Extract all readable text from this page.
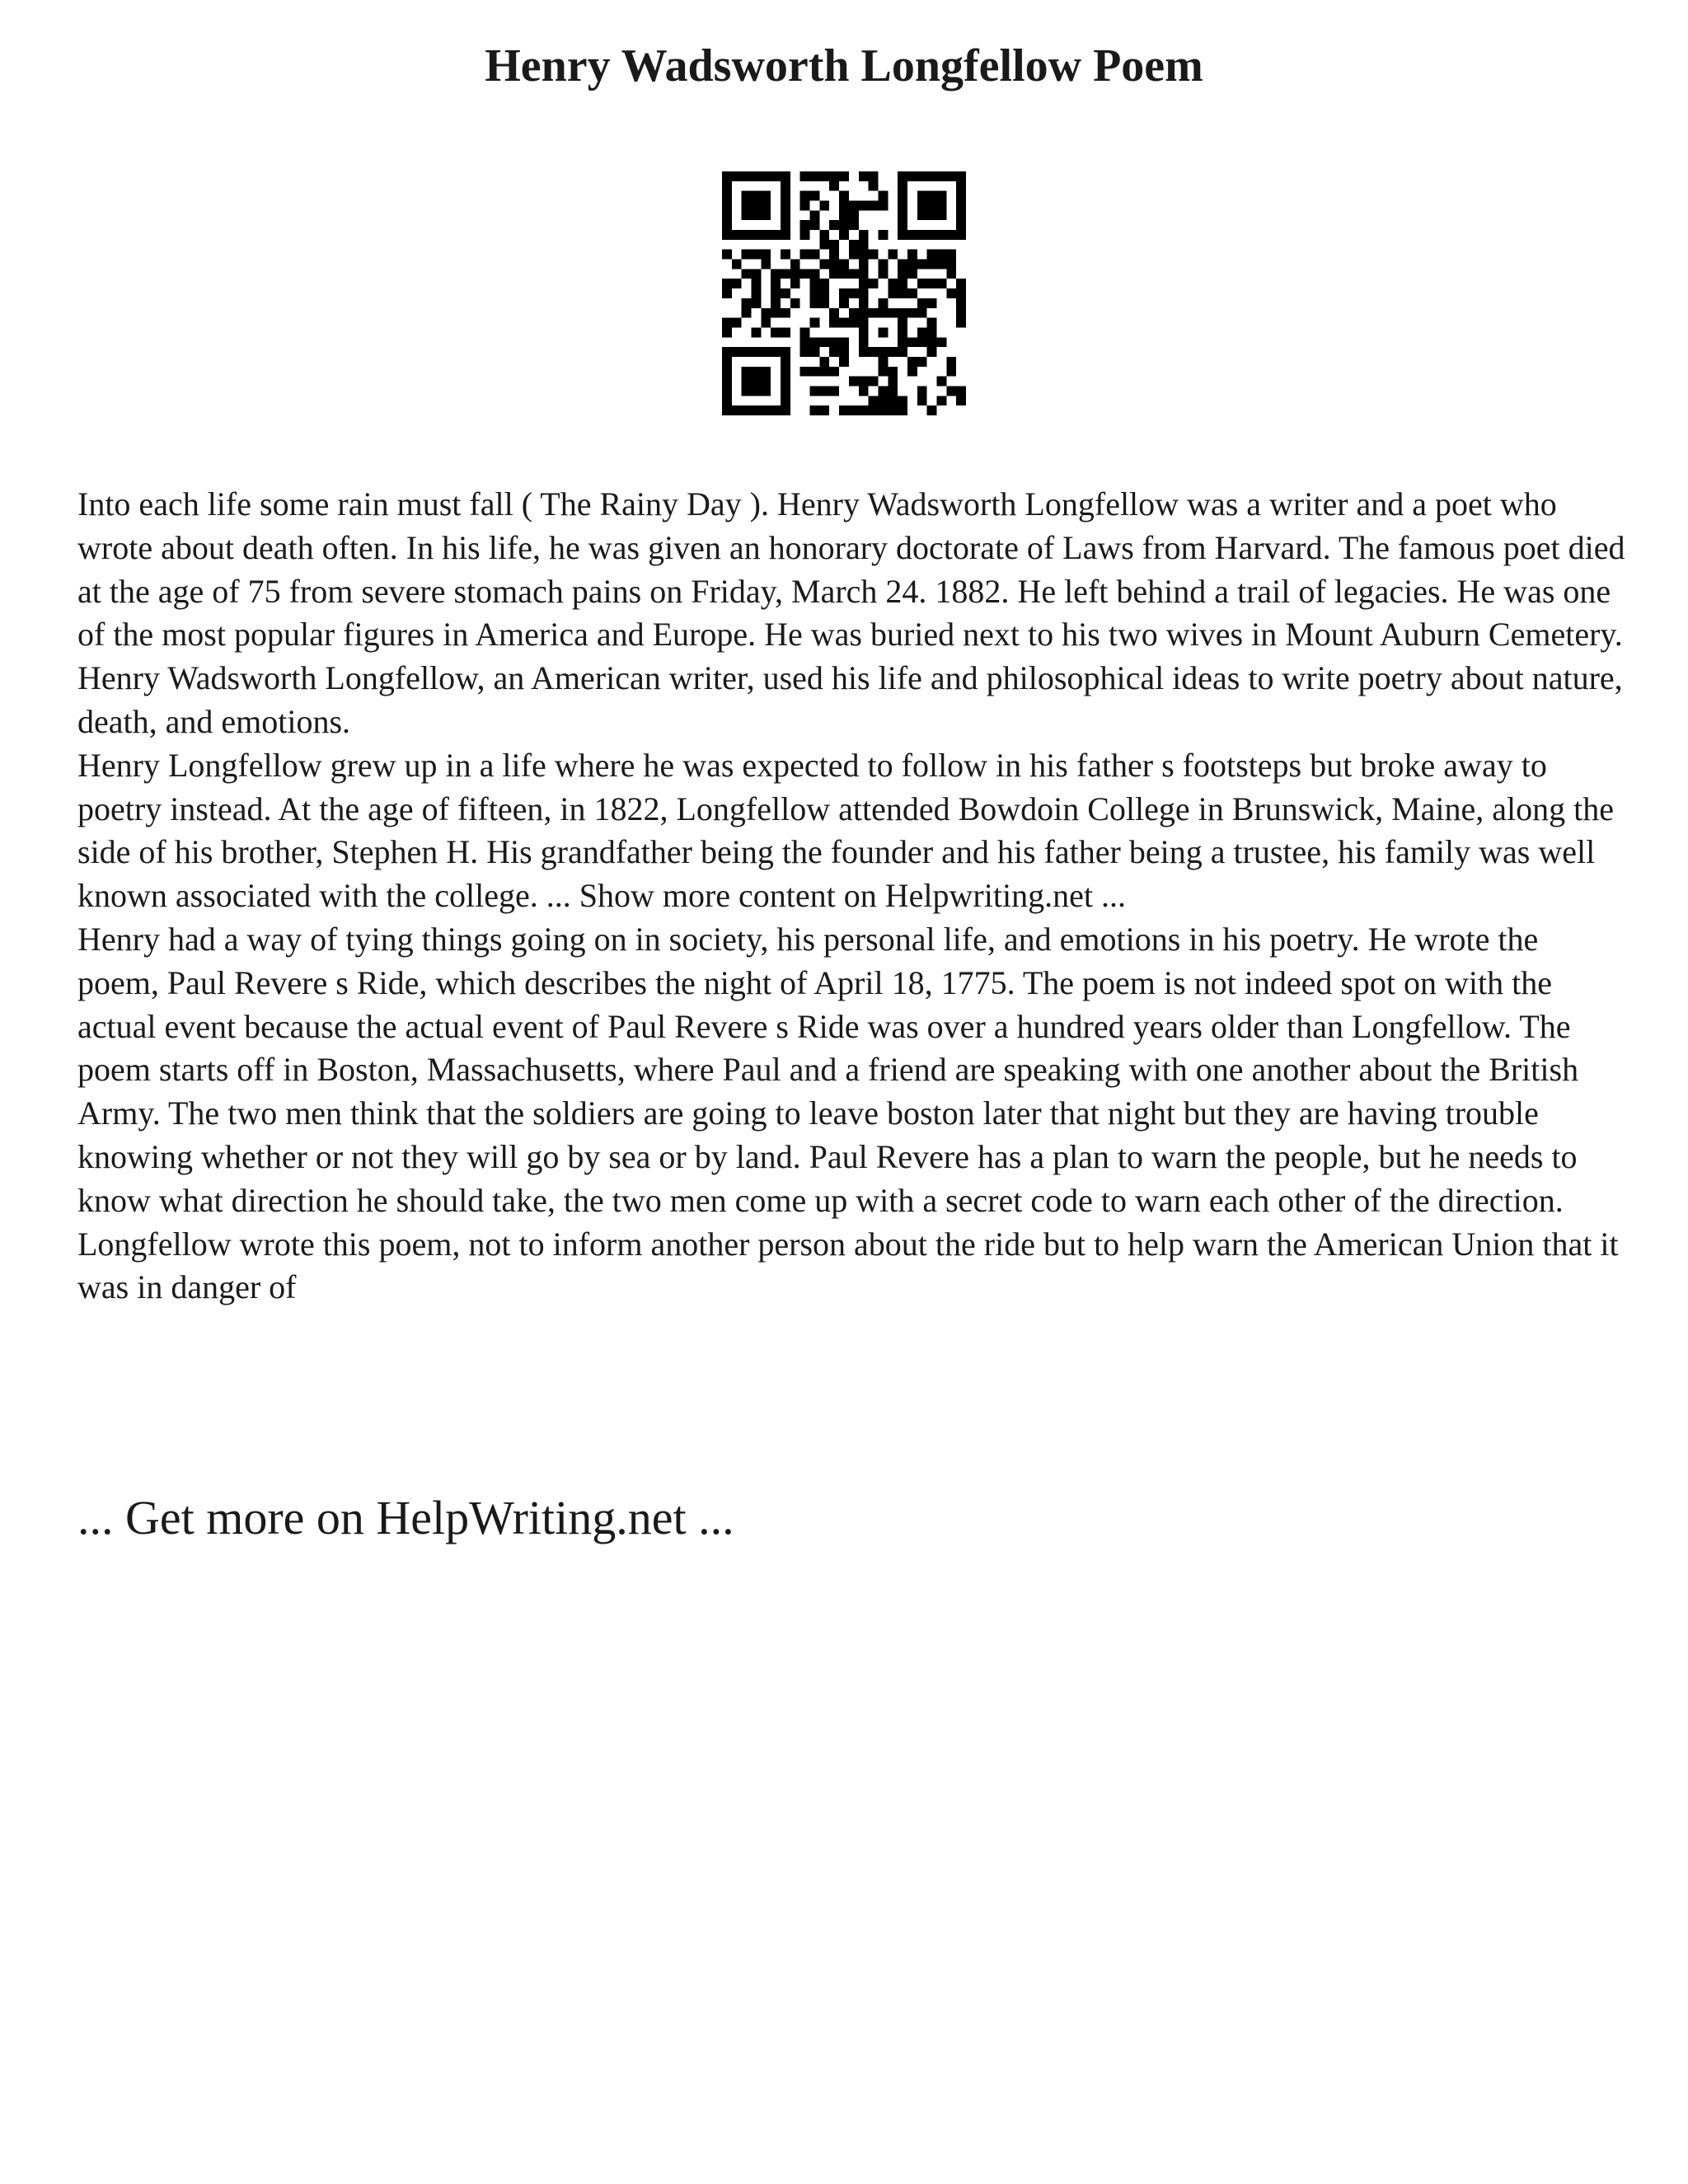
Henry Wadsworth Longfellow Poem

Into each life some rain must fall ( The Rainy Day ). Henry Wadsworth Longfellow was a writer and a poet who wrote about death often. In his life, he was given an honorary doctorate of Laws from Harvard. The famous poet died at the age of 75 from severe stomach pains on Friday, March 24. 1882. He left behind a trail of legacies. He was one of the most popular figures in America and Europe. He was buried next to his two wives in Mount Auburn Cemetery. Henry Wadsworth Longfellow, an American writer, used his life and philosophical ideas to write poetry about nature, death, and emotions.

Henry Longfellow grew up in a life where he was expected to follow in his father s footsteps but broke away to poetry instead. At the age of fifteen, in 1822, Longfellow attended Bowdoin College in Brunswick, Maine, along the side of his brother, Stephen H. His grandfather being the founder and his father being a trustee, his family was well known associated with the college. ... Show more content on Helpwriting.net ...

Henry had a way of tying things going on in society, his personal life, and emotions in his poetry. He wrote the poem, Paul Revere s Ride, which describes the night of April 18, 1775. The poem is not indeed spot on with the actual event because the actual event of Paul Revere s Ride was over a hundred years older than Longfellow. The poem starts off in Boston, Massachusetts, where Paul and a friend are speaking with one another about the British Army. The two men think that the soldiers are going to leave boston later that night but they are having trouble knowing whether or not they will go by sea or by land. Paul Revere has a plan to warn the people, but he needs to know what direction he should take, the two men come up with a secret code to warn each other of the direction. Longfellow wrote this poem, not to inform another person about the ride but to help warn the American Union that it was in danger of

... Get more on HelpWriting.net ...
